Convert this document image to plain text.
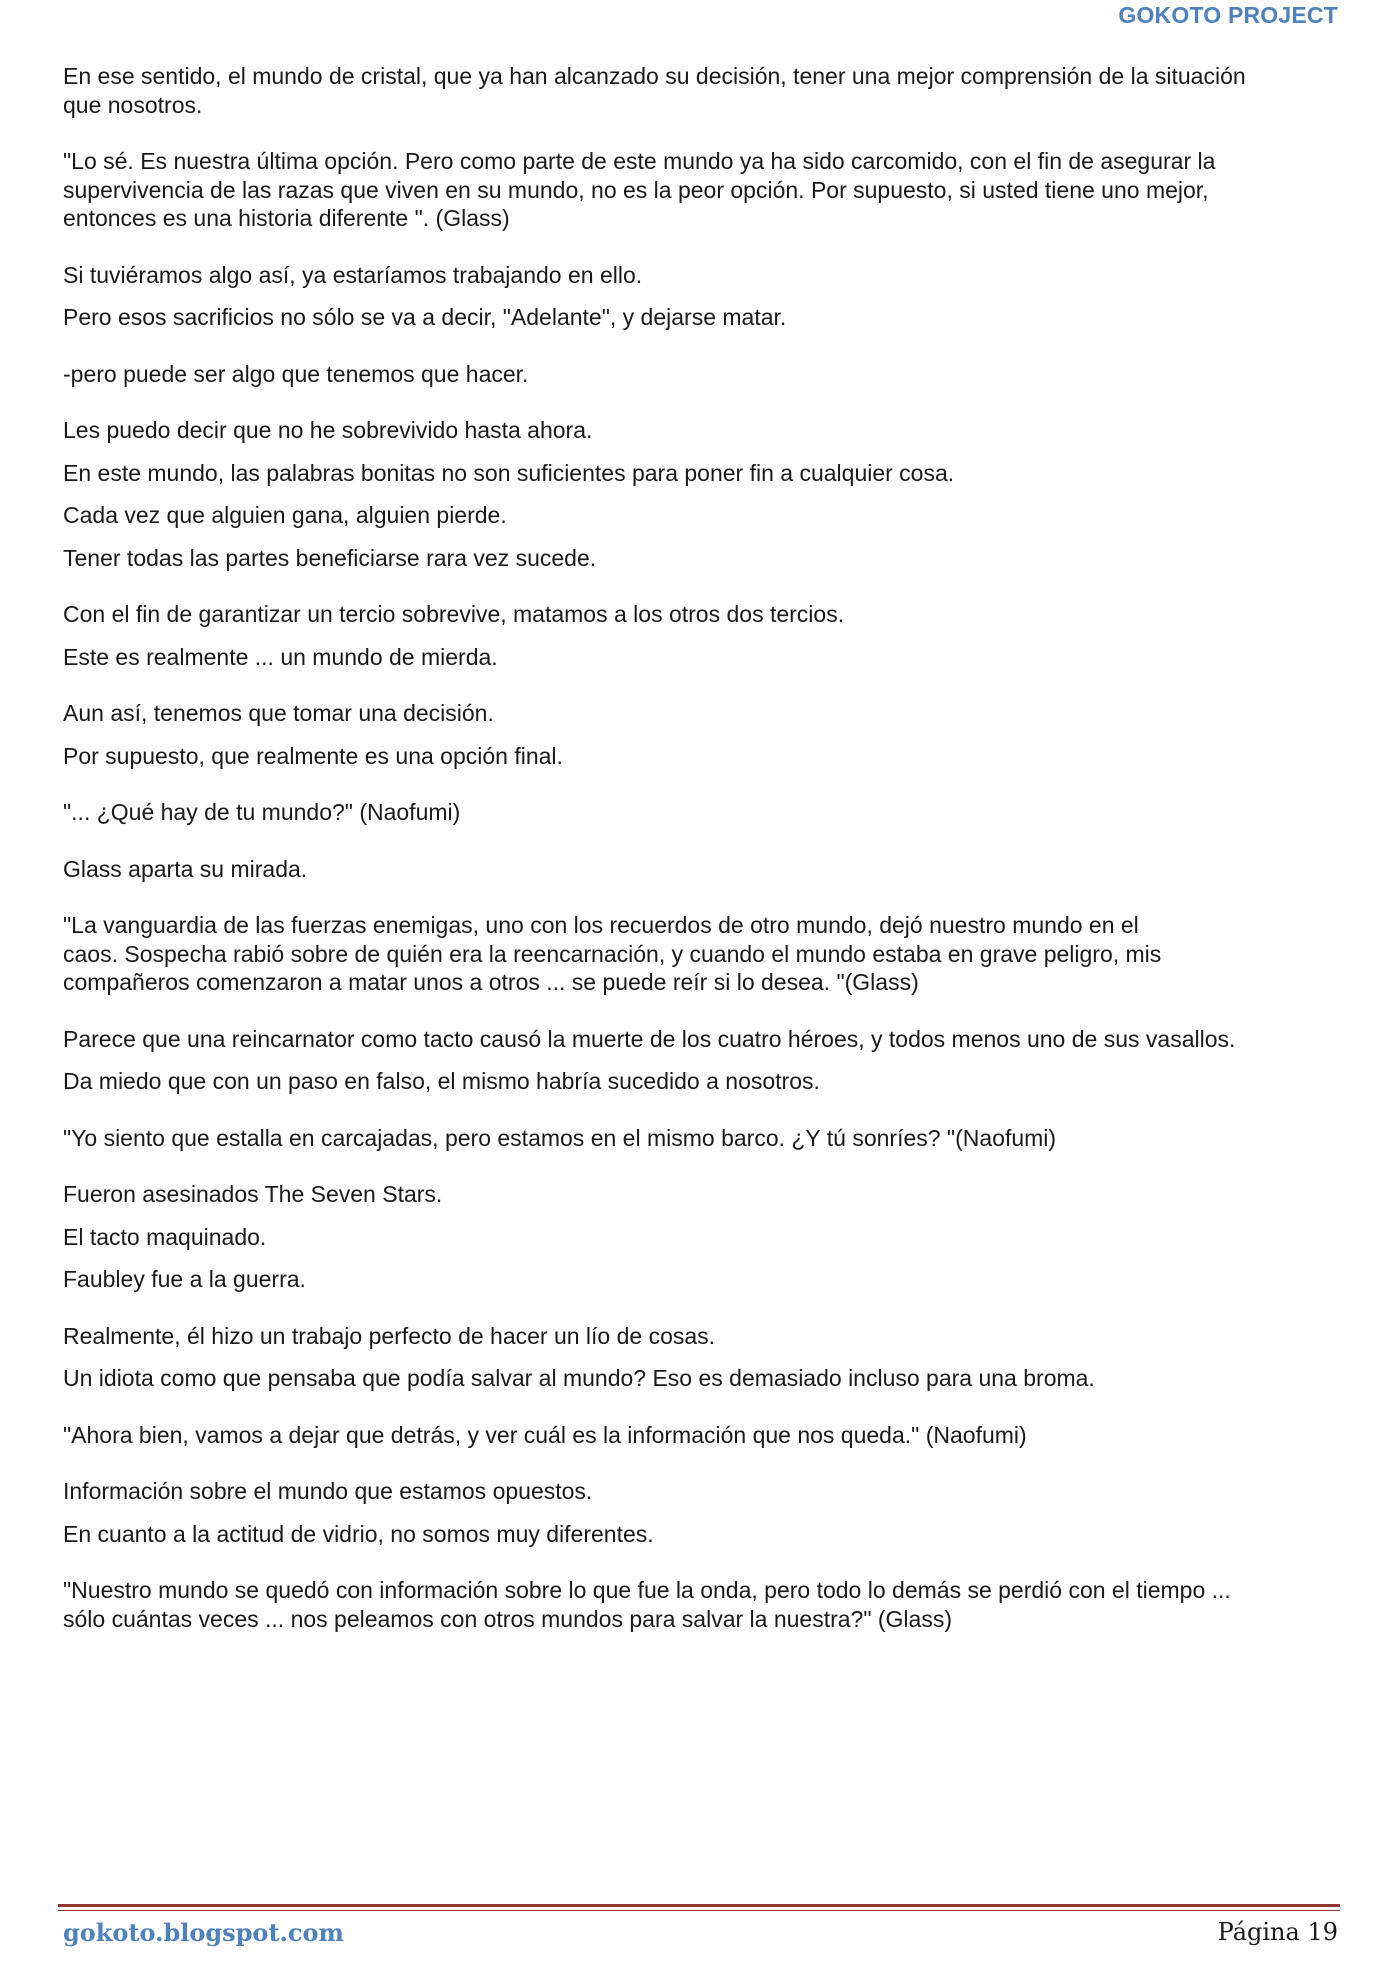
GOKOTO PROJECT

En ese sentido, el mundo de cristal, que ya han alcanzado su decisión, tener una mejor comprensión de la situación
que nosotros.

"Lo sé. Es nuestra última opción. Pero como parte de este mundo ya ha sido carcomido, con el fin de asegurar la
supervivencia de las razas que viven en su mundo, no es la peor opción. Por supuesto, si usted tiene uno mejor,
entonces es una historia diferente ". (Glass)

Si tuviéramos algo así, ya estaríamos trabajando en ello.

Pero esos sacrificios no sólo se va a decir, "Adelante", y dejarse matar.

-pero puede ser algo que tenemos que hacer.

Les puedo decir que no he sobrevivido hasta ahora.

En este mundo, las palabras bonitas no son suficientes para poner fin a cualquier cosa.

Cada vez que alguien gana, alguien pierde.

Tener todas las partes beneficiarse rara vez sucede.

Con el fin de garantizar un tercio sobrevive, matamos a los otros dos tercios.

Este es realmente ... un mundo de mierda.

Aun así, tenemos que tomar una decisión.

Por supuesto, que realmente es una opción final.

"... ¿Qué hay de tu mundo?" (Naofumi)

Glass aparta su mirada.

"La vanguardia de las fuerzas enemigas, uno con los recuerdos de otro mundo, dejó nuestro mundo en el
caos. Sospecha rabió sobre de quién era la reencarnación, y cuando el mundo estaba en grave peligro, mis
compañeros comenzaron a matar unos a otros ... se puede reír si lo desea. "(Glass)

Parece que una reincarnator como tacto causó la muerte de los cuatro héroes, y todos menos uno de sus vasallos.

Da miedo que con un paso en falso, el mismo habría sucedido a nosotros.

"Yo siento que estalla en carcajadas, pero estamos en el mismo barco. ¿Y tú sonríes? "(Naofumi)

Fueron asesinados The Seven Stars.

El tacto maquinado.

Faubley fue a la guerra.

Realmente, él hizo un trabajo perfecto de hacer un lío de cosas.

Un idiota como que pensaba que podía salvar al mundo? Eso es demasiado incluso para una broma.

"Ahora bien, vamos a dejar que detrás, y ver cuál es la información que nos queda." (Naofumi)

Información sobre el mundo que estamos opuestos.

En cuanto a la actitud de vidrio, no somos muy diferentes.

"Nuestro mundo se quedó con información sobre lo que fue la onda, pero todo lo demás se perdió con el tiempo ...
sólo cuántas veces ... nos peleamos con otros mundos para salvar la nuestra?" (Glass)

gokoto.blogspot.com	Página 19
